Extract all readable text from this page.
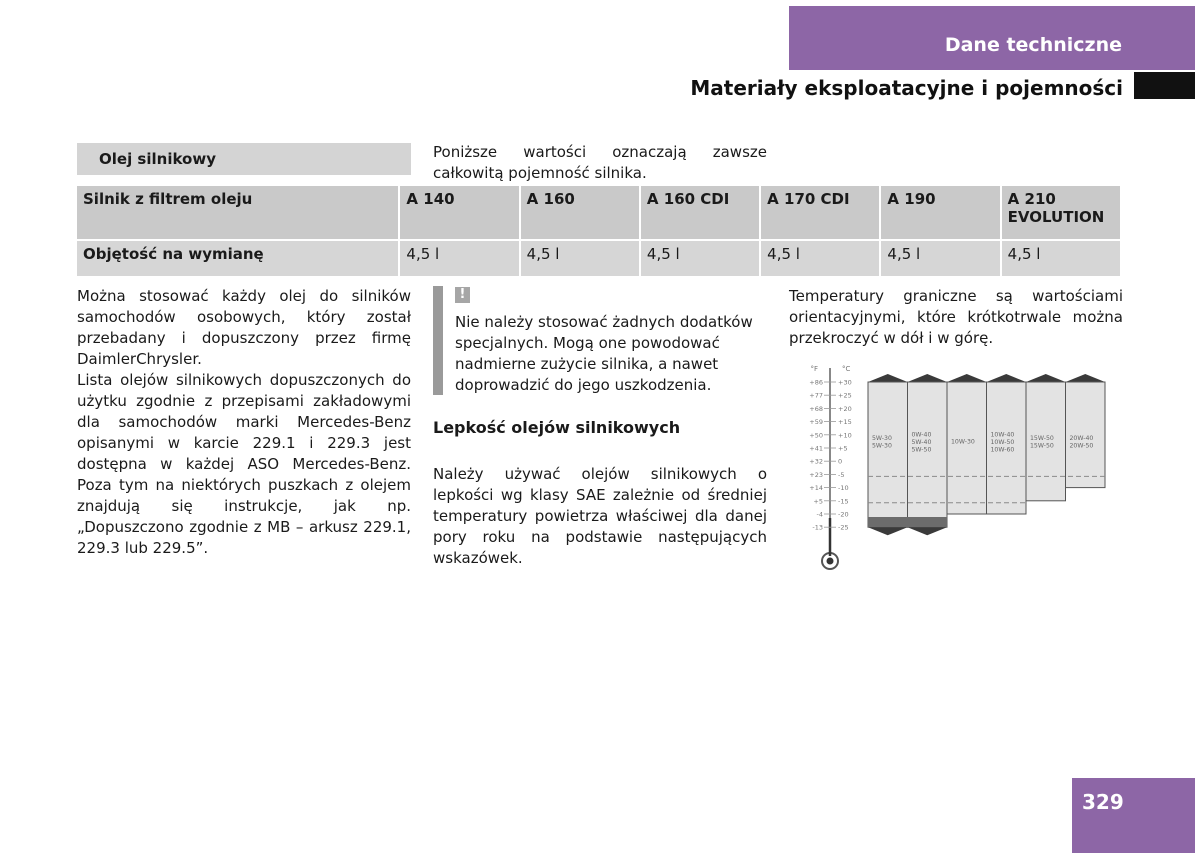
Dane techniczne
Materiały eksploatacyjne i pojemności
Olej silnikowy	Poniższe wartości oznaczają zawsze całkowitą pojemność silnika.
Silnik z filtrem oleju	A 140	A 160	A 160 CDI	A 170 CDI	A 190	A 210 EVOLUTION

Objętość na wymianę	4,5 l	4,5 l	4,5 l	4,5 l	4,5 l	4,5 l

Można stosować każdy olej do silników samochodów osobowych, który został przebadany i dopuszczony przez firmę DaimlerChrysler.

Lista olejów silnikowych dopuszczonych do użytku zgodnie z przepisami zakładowymi dla samochodów marki Mercedes-Benz opisanymi w karcie 229.1 i 229.3 jest dostępna w każdej ASO Mercedes-Benz. Poza tym na niektórych puszkach z olejem znajdują się instrukcje, jak np. „Dopuszczono zgodnie z MB – arkusz 229.1, 229.3 lub 229.5”.

!
Nie należy stosować żadnych dodatków specjalnych. Mogą one powodować nadmierne zużycie silnika, a nawet doprowadzić do jego uszkodzenia.
Lepkość olejów silnikowych
Należy używać olejów silnikowych o lepkości wg klasy SAE zależnie od średniej temperatury powietrza właściwej dla danej pory roku na podstawie następujących wskazówek.
Temperatury graniczne są wartościami orientacyjnymi, które krótkotrwale można przekroczyć w dół i w górę.
°F	°C
+86 +30
+77 +25
+68 +20
+59 +15
+50 +10
+41 +5
+32 0
+23 -5
+14 -10
+5 -15
-4 -20
-13 -25
5W-30
5W-30
0W-40
5W-40
5W-50
10W-30
10W-40
10W-50
10W-60
15W-50
15W-50
20W-40
20W-50
329
